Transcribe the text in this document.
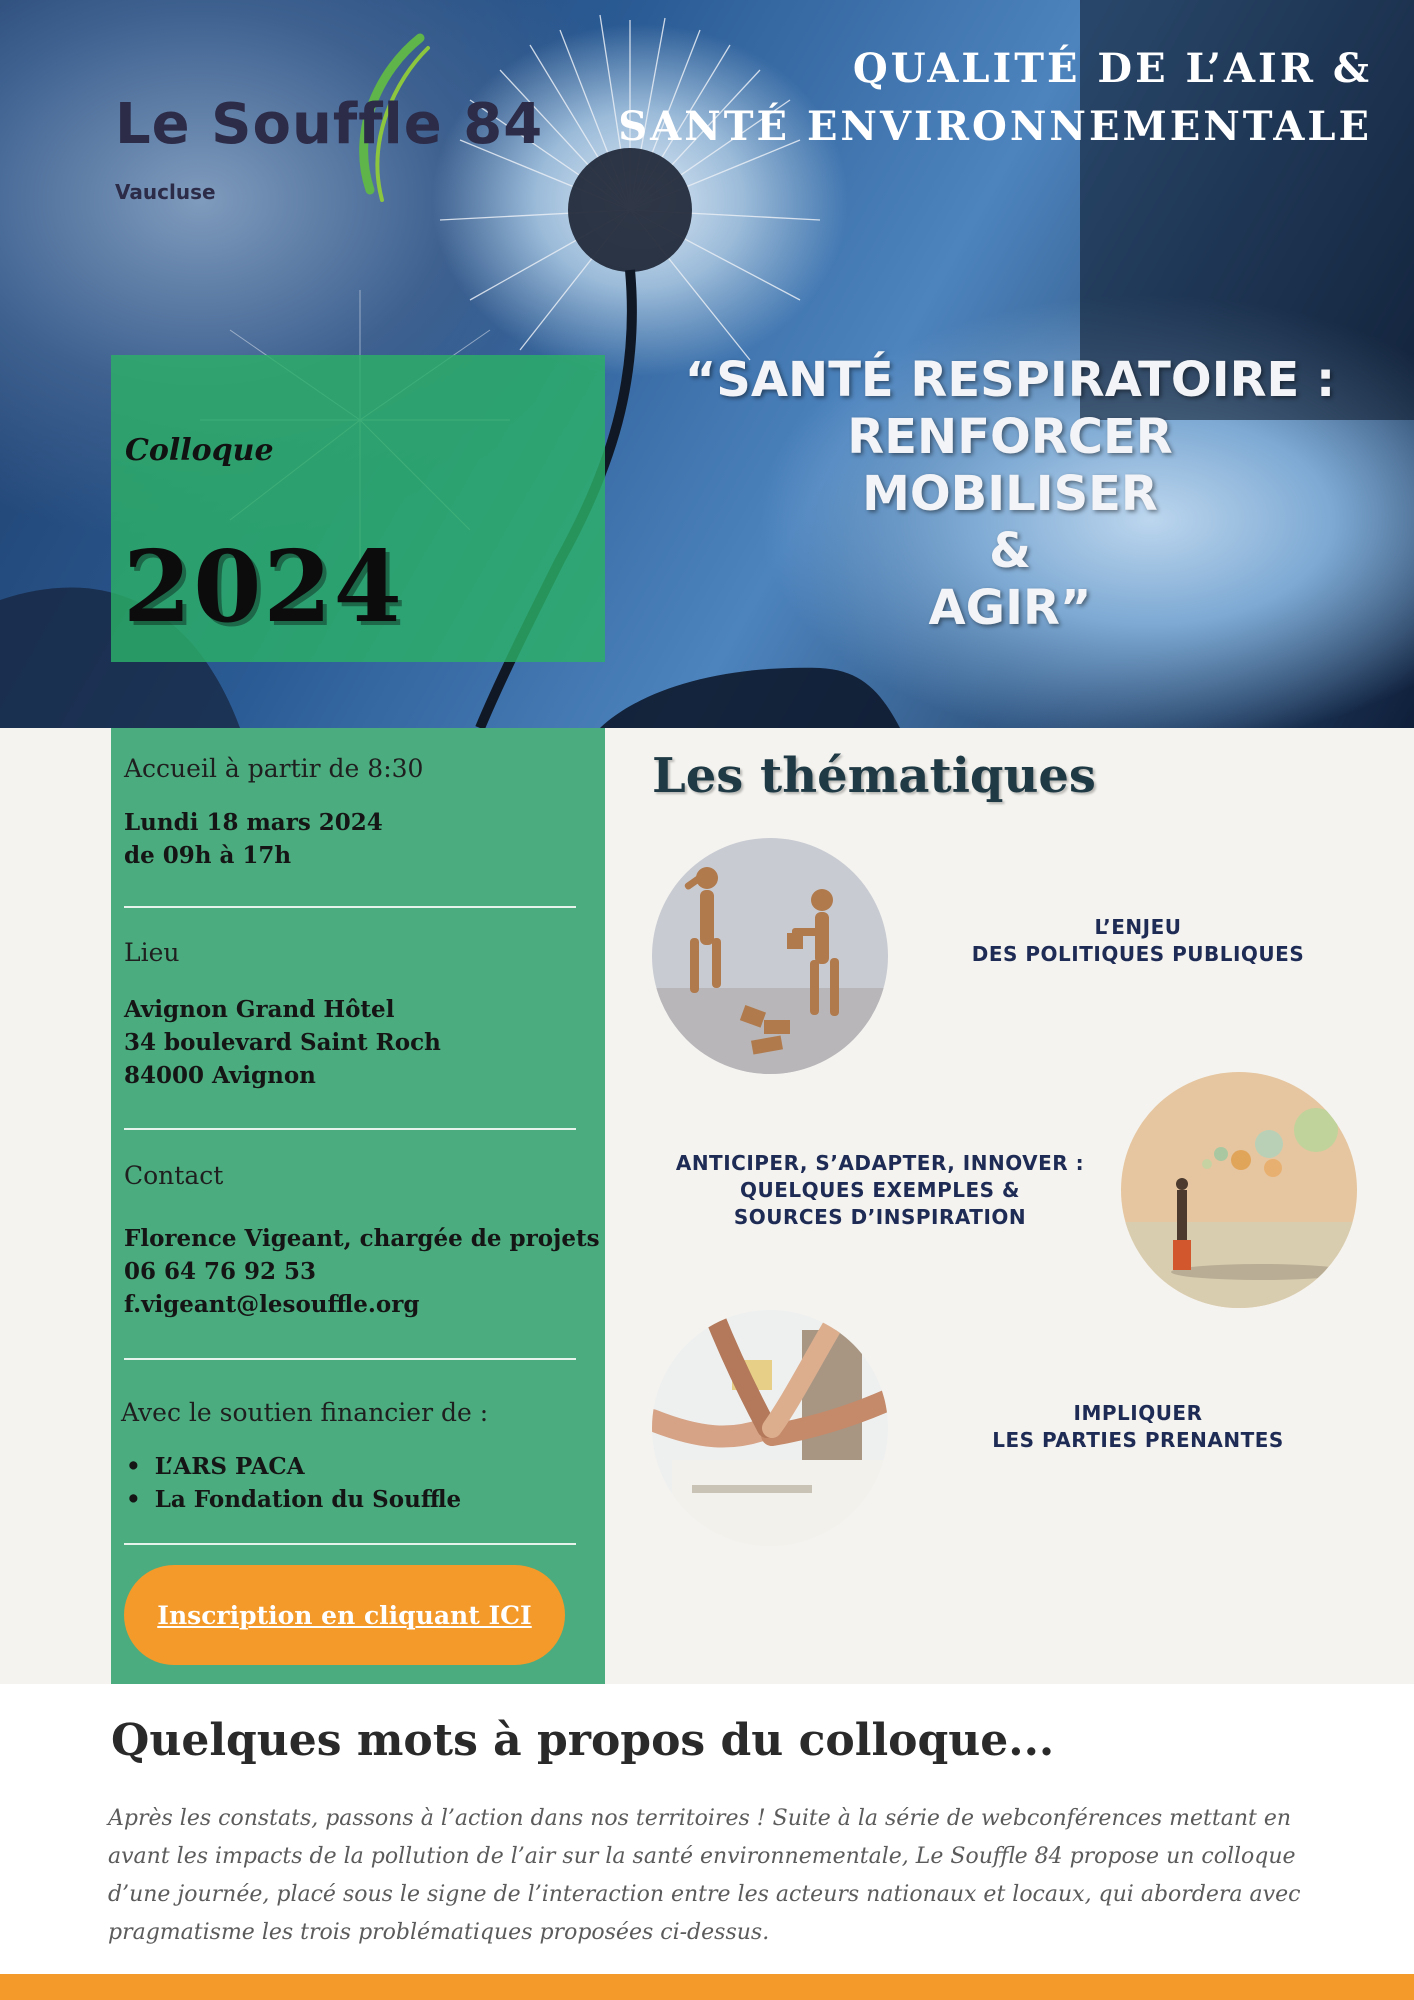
Le Souffle 84
Vaucluse
QUALITÉ DE L’AIR &
SANTÉ ENVIRONNEMENTALE
Colloque
2024
“SANTÉ RESPIRATOIRE :
RENFORCER
MOBILISER
&
AGIR”
Accueil à partir de 8:30
Lundi 18 mars 2024
de 09h à 17h
Lieu
Avignon Grand Hôtel
34 boulevard Saint Roch
84000 Avignon
Contact
Florence Vigeant, chargée de projets
06 64 76 92 53
f.vigeant@lesouffle.org
Avec le soutien financier de :
• L’ARS PACA
• La Fondation du Souffle
Inscription en cliquant ICI
Les thématiques
L’ENJEU
DES POLITIQUES PUBLIQUES
ANTICIPER, S’ADAPTER, INNOVER :
QUELQUES EXEMPLES &
SOURCES D’INSPIRATION
IMPLIQUER
LES PARTIES PRENANTES
Quelques mots à propos du colloque...
Après les constats, passons à l’action dans nos territoires ! Suite à la série de webconférences mettant en
avant les impacts de la pollution de l’air sur la santé environnementale, Le Souffle 84 propose un colloque
d’une journée, placé sous le signe de l’interaction entre les acteurs nationaux et locaux, qui abordera avec
pragmatisme les trois problématiques proposées ci-dessus.
